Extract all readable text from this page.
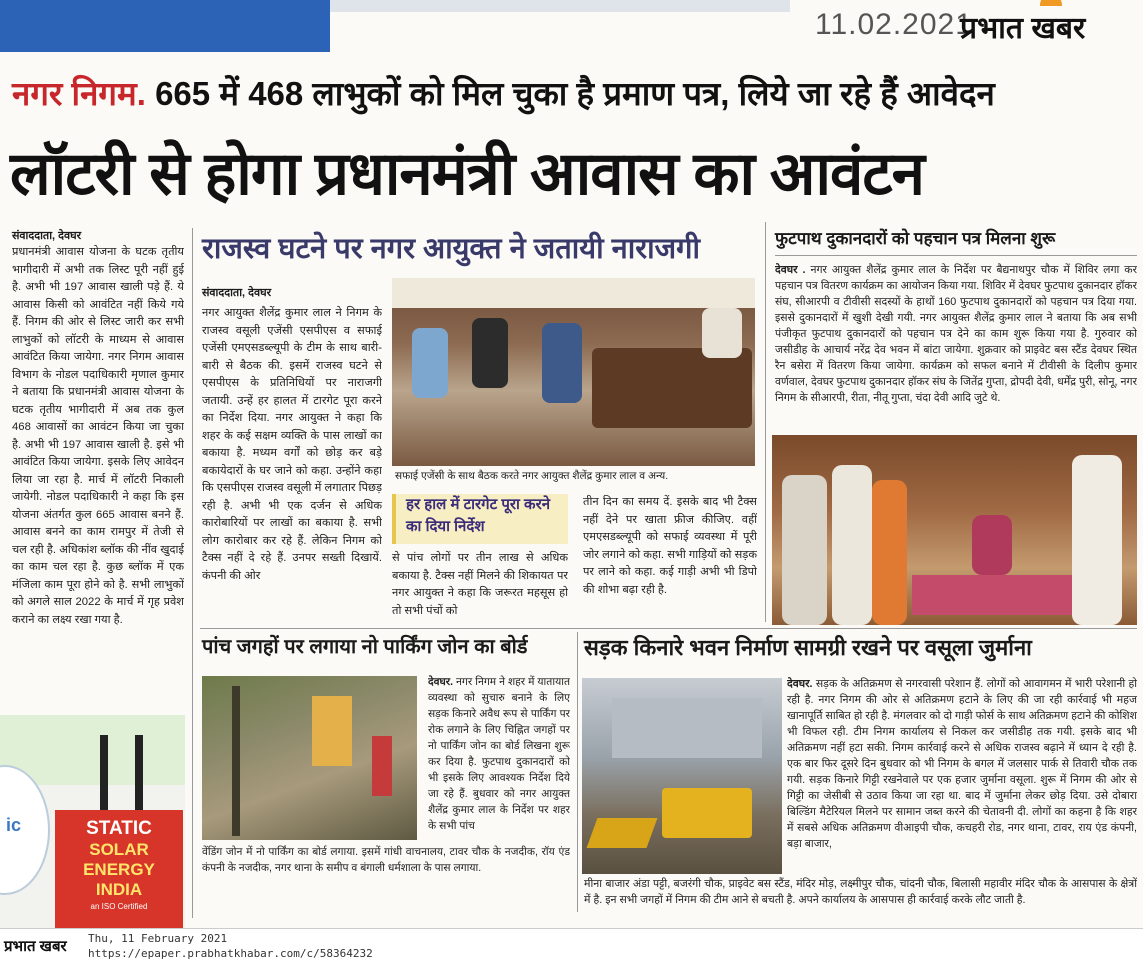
11.02.2021
प्रभात खबर
नगर निगम. 665 में 468 लाभुकों को मिल चुका है प्रमाण पत्र, लिये जा रहे हैं आवेदन
लॉटरी से होगा प्रधानमंत्री आवास का आवंटन
संवाददाता, देवघर
प्रधानमंत्री आवास योजना के घटक तृतीय भागीदारी में अभी तक लिस्ट पूरी नहीं हुई है. अभी भी 197 आवास खाली पड़े हैं. ये आवास किसी को आवंटित नहीं किये गये हैं. निगम की ओर से लिस्ट जारी कर सभी लाभुकों को लॉटरी के माध्यम से आवास आवंटित किया जायेगा. नगर निगम आवास विभाग के नोडल पदाधिकारी मृणाल कुमार ने बताया कि प्रधानमंत्री आवास योजना के घटक तृतीय भागीदारी में अब तक कुल 468 आवासों का आवंटन किया जा चुका है. अभी भी 197 आवास खाली है. इसे भी आवंटित किया जायेगा. इसके लिए आवेदन लिया जा रहा है. मार्च में लॉटरी निकाली जायेगी. नोडल पदाधिकारी ने कहा कि इस योजना अंतर्गत कुल 665 आवास बनने हैं. आवास बनने का काम रामपुर में तेजी से चल रही है. अधिकांश ब्लॉक की नींव खुदाई का काम चल रहा है. कुछ ब्लॉक में एक मंजिला काम पूरा होने को है. सभी लाभुकों को अगले साल 2022 के मार्च में गृह प्रवेश कराने का लक्ष्य रखा गया है.
ic	STATIC
SOLAR
ENERGY
INDIA
an ISO Certified
राजस्व घटने पर नगर आयुक्त ने जतायी नाराजगी
संवाददाता, देवघर
नगर आयुक्त शैलेंद्र कुमार लाल ने निगम के राजस्व वसूली एजेंसी एसपीएस व सफाई एजेंसी एमएसडब्ल्यूपी के टीम के साथ बारी-बारी से बैठक की. इसमें राजस्व घटने से एसपीएस के प्रतिनिधियों पर नाराजगी जतायी. उन्हें हर हालत में टारगेट पूरा करने का निर्देश दिया. नगर आयुक्त ने कहा कि शहर के कई सक्षम व्यक्ति के पास लाखों का बकाया है. मध्यम वर्गों को छोड़ कर बड़े बकायेदारों के घर जाने को कहा. उन्होंने कहा कि एसपीएस राजस्व वसूली में लगातार पिछड़ रही है. अभी भी एक दर्जन से अधिक कारोबारियों पर लाखों का बकाया है. सभी लोग कारोबार कर रहे हैं. लेकिन निगम को टैक्स नहीं दे रहे हैं. उनपर सख्ती दिखायें. कंपनी की ओर
सफाई एजेंसी के साथ बैठक करते नगर आयुक्त शैलेंद्र कुमार लाल व अन्य.
हर हाल में टारगेट पूरा करने का दिया निर्देश
से पांच लोगों पर तीन लाख से अधिक बकाया है. टैक्स नहीं मिलने की शिकायत पर नगर आयुक्त ने कहा कि जरूरत महसूस हो तो सभी पंचों को
तीन दिन का समय दें. इसके बाद भी टैक्स नहीं देने पर खाता फ्रीज कीजिए. वहीं एमएसडब्ल्यूपी को सफाई व्यवस्था में पूरी जोर लगाने को कहा. सभी गाड़ियों को सड़क पर लाने को कहा. कई गाड़ी अभी भी डिपो की शोभा बढ़ा रही है.
फुटपाथ दुकानदारों को पहचान पत्र मिलना शुरू
देवघर . नगर आयुक्त शैलेंद्र कुमार लाल के निर्देश पर बैद्यनाथपुर चौक में शिविर लगा कर पहचान पत्र वितरण कार्यक्रम का आयोजन किया गया. शिविर में देवघर फुटपाथ दुकानदार हॉकर संघ, सीआरपी व टीवीसी सदस्यों के हाथों 160 फुटपाथ दुकानदारों को पहचान पत्र दिया गया. इससे दुकानदारों में खुशी देखी गयी. नगर आयुक्त शैलेंद्र कुमार लाल ने बताया कि अब सभी पंजीकृत फुटपाथ दुकानदारों को पहचान पत्र देने का काम शुरू किया गया है. गुरुवार को जसीडीह के आचार्य नरेंद्र देव भवन में बांटा जायेगा. शुक्रवार को प्राइवेट बस स्टैंड देवघर स्थित रैन बसेरा में वितरण किया जायेगा. कार्यक्रम को सफल बनाने में टीवीसी के दिलीप कुमार वर्णवाल, देवघर फुटपाथ दुकानदार हॉकर संघ के जितेंद्र गुप्ता, द्रोपदी देवी, धर्मेंद्र पुरी, सोनू, नगर निगम के सीआरपी, रीता, नीतू गुप्ता, चंदा देवी आदि जुटे थे.
पांच जगहों पर लगाया नो पार्किंग जोन का बोर्ड
देवघर. नगर निगम ने शहर में यातायात व्यवस्था को सुचारु बनाने के लिए सड़क किनारे अवैध रूप से पार्किंग पर रोक लगाने के लिए चिह्नित जगहों पर नो पार्किंग जोन का बोर्ड लिखना शुरू कर दिया है. फुटपाथ दुकानदारों को भी इसके लिए आवश्यक निर्देश दिये जा रहे हैं. बुधवार को नगर आयुक्त शैलेंद्र कुमार लाल के निर्देश पर शहर के सभी पांच
वेंडिंग जोन में नो पार्किंग का बोर्ड लगाया. इसमें गांधी वाचनालय, टावर चौक के नजदीक, रॉय एंड कंपनी के नजदीक, नगर थाना के समीप व बंगाली धर्मशाला के पास लगाया.
सड़क किनारे भवन निर्माण सामग्री रखने पर वसूला जुर्माना
देवघर. सड़क के अतिक्रमण से नगरवासी परेशान हैं. लोगों को आवागमन में भारी परेशानी हो रही है. नगर निगम की ओर से अतिक्रमण हटाने के लिए की जा रही कार्रवाई भी महज खानापूर्ति साबित हो रही है. मंगलवार को दो गाड़ी फोर्स के साथ अतिक्रमण हटाने की कोशिश भी विफल रही. टीम निगम कार्यालय से निकल कर जसीडीह तक गयी. इसके बाद भी अतिक्रमण नहीं हटा सकी. निगम कार्रवाई करने से अधिक राजस्व बढ़ाने में ध्यान दे रही है. एक बार फिर दूसरे दिन बुधवार को भी निगम के बगल में जलसार पार्क से तिवारी चौक तक गयी. सड़क किनारे गिट्टी रखनेवाले पर एक हजार जुर्माना वसूला. शुरू में निगम की ओर से गिट्टी का जेसीबी से उठाव किया जा रहा था. बाद में जुर्माना लेकर छोड़ दिया. उसे दोबारा बिल्डिंग मैटेरियल मिलने पर सामान जब्त करने की चेतावनी दी. लोगों का कहना है कि शहर में सबसे अधिक अतिक्रमण वीआइपी चौक, कचहरी रोड, नगर थाना, टावर, राय एंड कंपनी, बड़ा बाजार,
मीना बाजार अंडा पट्टी, बजरंगी चौक, प्राइवेट बस स्टैंड, मंदिर मोड़, लक्ष्मीपुर चौक, चांदनी चौक, बिलासी महावीर मंदिर चौक के आसपास के क्षेत्रों में है. इन सभी जगहों में निगम की टीम आने से बचती है. अपने कार्यालय के आसपास ही कार्रवाई करके लौट जाती है.
प्रभात खबर Thu, 11 February 2021
https://epaper.prabhatkhabar.com/c/58364232
